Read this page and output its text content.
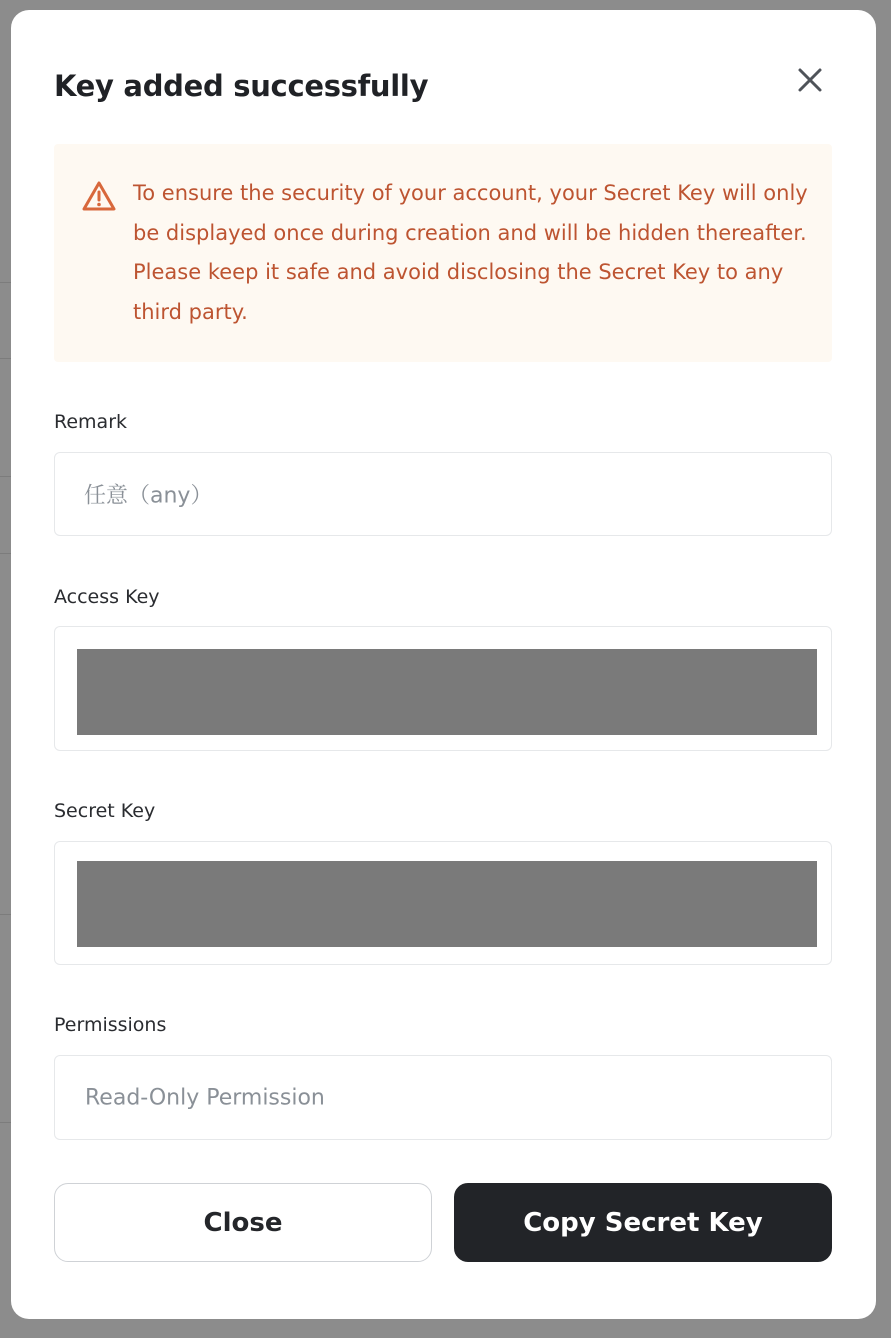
Key added successfully
To ensure the security of your account, your Secret Key will only be displayed once during creation and will be hidden thereafter. Please keep it safe and avoid disclosing the Secret Key to any third party.
Remark
任意（any）
Access Key
Secret Key
Permissions
Read-Only Permission
Close	Copy Secret Key
